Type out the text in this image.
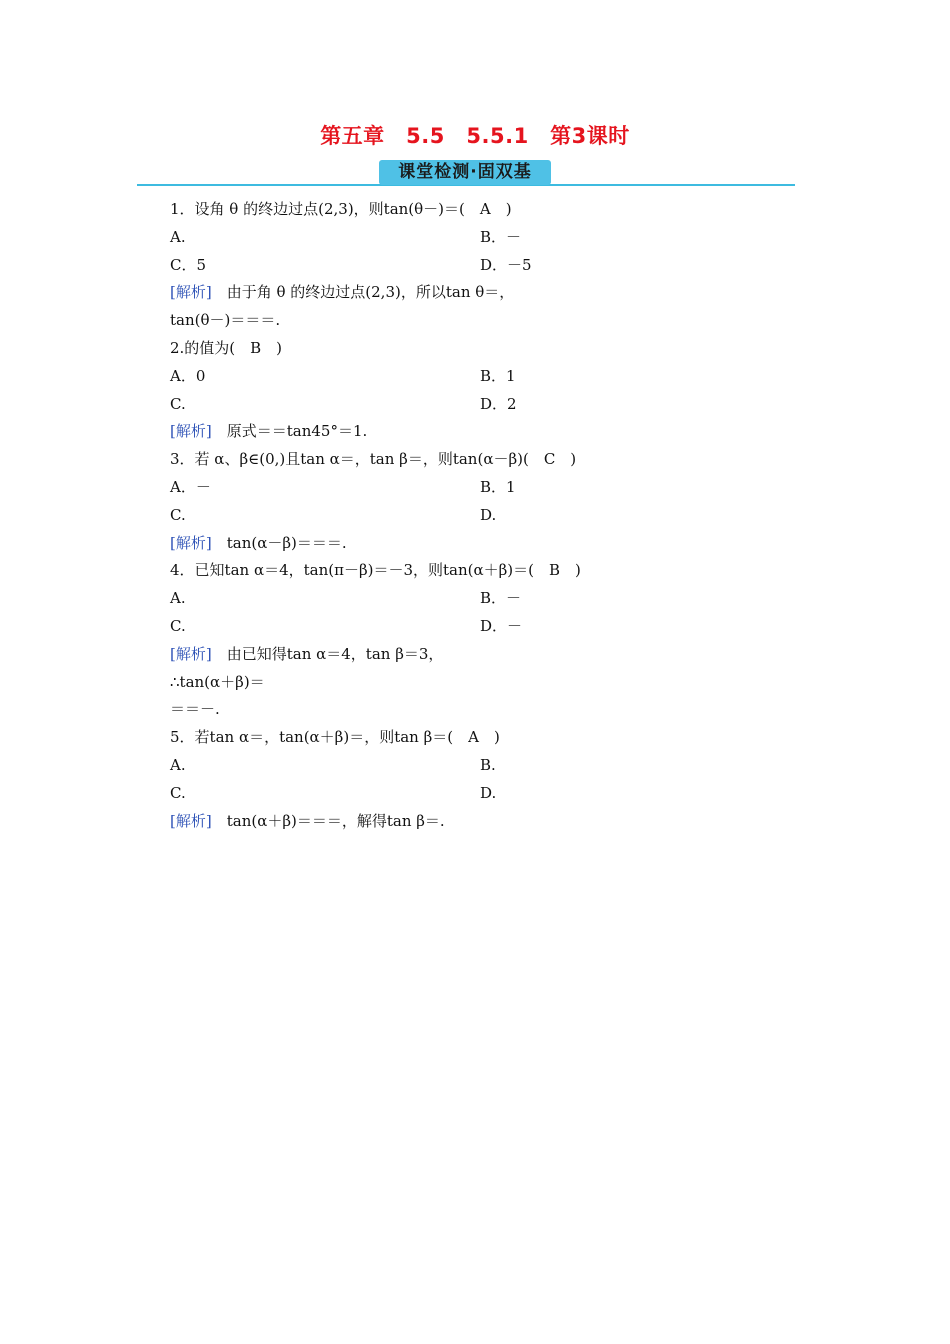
第五章　5.5　5.5.1　第3课时
课堂检测·固双基
1．设角 θ 的终边过点(2,3)，则tan(θ－)＝(　A　)
A.	B．－
C．5	D．－5
[解析]　由于角 θ 的终边过点(2,3)，所以tan θ＝，
tan(θ－)＝＝＝.
2.的值为(　B　)
A．0	B．1
C.	D．2
[解析]　原式＝＝tan45°＝1.
3．若 α、β∈(0,)且tan α＝，tan β＝，则tan(α－β)(　C　)
A．－	B．1
C.	D.
[解析]　tan(α－β)＝＝＝.
4．已知tan α＝4，tan(π－β)＝－3，则tan(α＋β)＝(　B　)
A.	B．－
C.	D．－
[解析]　由已知得tan α＝4，tan β＝3，
∴tan(α＋β)＝
＝＝－.
5．若tan α＝，tan(α＋β)＝，则tan β＝(　A　)
A.	B.
C.	D.
[解析]　tan(α＋β)＝＝＝，解得tan β＝.
